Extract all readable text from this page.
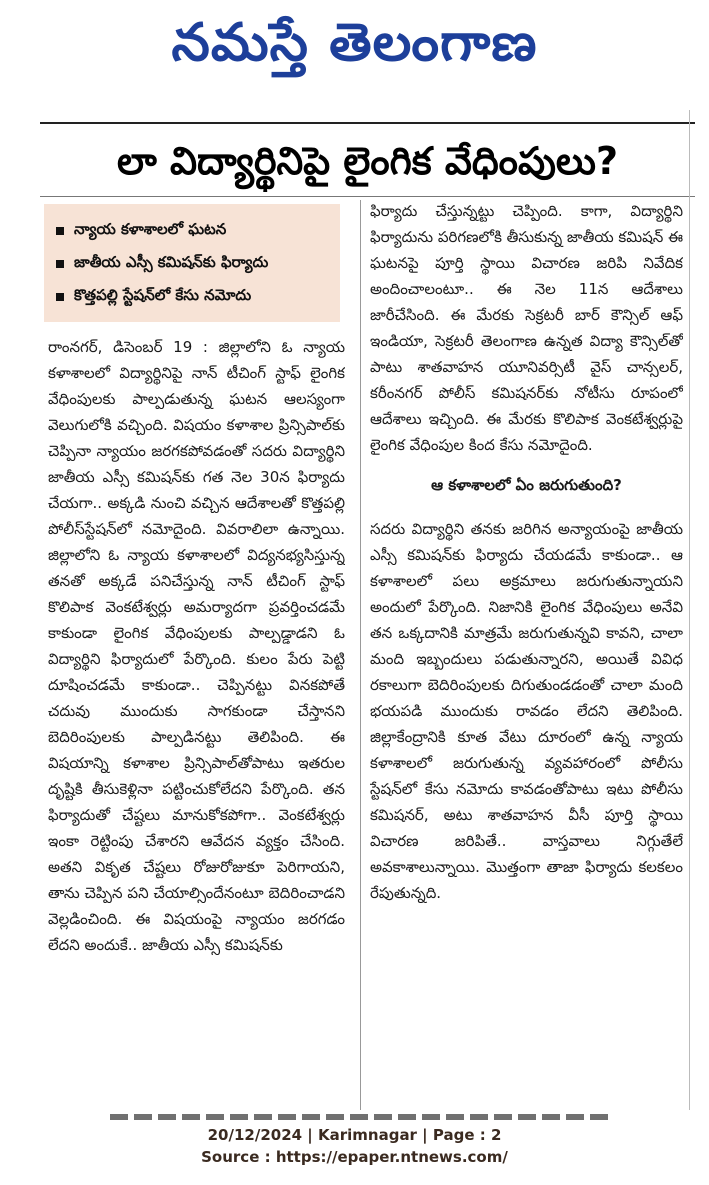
నమస్తే తెలంగాణ
లా విద్యార్థినిపై లైంగిక వేధింపులు?
న్యాయ కళాశాలలో ఘటన
జాతీయ ఎస్సీ కమిషన్‌కు ఫిర్యాదు
కొత్తపల్లి స్టేషన్‌లో కేసు నమోదు

రాంనగర్, డిసెంబర్ 19 : జిల్లాలోని ఓ న్యాయ కళాశాలలో విద్యార్థినిపై నాన్ టీచింగ్ స్టాఫ్ లైంగిక వేధింపులకు పాల్పడుతున్న ఘటన ఆలస్యంగా వెలుగులోకి వచ్చింది. విషయం కళాశాల ప్రిన్సిపాల్‌కు చెప్పినా న్యాయం జరగకపోవడంతో సదరు విద్యార్థిని జాతీయ ఎస్సీ కమిషన్‌కు గత నెల 30న ఫిర్యాదు చేయగా.. అక్కడి నుంచి వచ్చిన ఆదేశాలతో కొత్తపల్లి పోలీస్‌స్టేషన్‌లో నమోదైంది. వివరాలిలా ఉన్నాయి. జిల్లాలోని ఓ న్యాయ కళాశాలలో విద్యనభ్యసిస్తున్న తనతో అక్కడే పనిచేస్తున్న నాన్ టీచింగ్ స్టాఫ్ కొలిపాక వెంకటేశ్వర్లు అమర్యాదగా ప్రవర్తించడమే కాకుండా లైంగిక వేధింపులకు పాల్పడ్డాడని ఓ విద్యార్థిని ఫిర్యాదులో పేర్కొంది. కులం పేరు పెట్టి దూషించడమే కాకుండా.. చెప్పినట్టు వినకపోతే చదువు ముందుకు సాగకుండా చేస్తానని బెదిరింపులకు పాల్పడినట్టు తెలిపింది. ఈ విషయాన్ని కళాశాల ప్రిన్సిపాల్‌తోపాటు ఇతరుల దృష్టికి తీసుకెళ్లినా పట్టించుకోలేదని పేర్కొంది. తన ఫిర్యాదుతో చేష్టలు మానుకోకపోగా.. వెంకటేశ్వర్లు ఇంకా రెట్టింపు చేశారని ఆవేదన వ్యక్తం చేసింది. అతని వికృత చేష్టలు రోజురోజుకూ పెరిగాయని, తాను చెప్పిన పని చేయాల్సిందేనంటూ బెదిరించాడని వెల్లడించింది. ఈ విషయంపై న్యాయం జరగడం లేదని అందుకే.. జాతీయ ఎస్సీ కమిషన్‌కు

ఫిర్యాదు చేస్తున్నట్టు చెప్పింది. కాగా, విద్యార్థిని ఫిర్యాదును పరిగణలోకి తీసుకున్న జాతీయ కమిషన్ ఈ ఘటనపై పూర్తి స్థాయి విచారణ జరిపి నివేదిక అందించాలంటూ.. ఈ నెల 11న ఆదేశాలు జారీచేసింది. ఈ మేరకు సెక్రటరీ బార్ కౌన్సిల్ ఆఫ్ ఇండియా, సెక్రటరీ తెలంగాణ ఉన్నత విద్యా కౌన్సిల్‌తో పాటు శాతవాహన యూనివర్సిటీ వైస్ చాన్సలర్, కరీంనగర్ పోలీస్ కమిషనర్‌కు నోటీసు రూపంలో ఆదేశాలు ఇచ్చింది. ఈ మేరకు కొలిపాక వెంకటేశ్వర్లుపై లైంగిక వేధింపుల కింద కేసు నమోదైంది.

ఆ కళాశాలలో ఏం జరుగుతుంది?

సదరు విద్యార్థిని తనకు జరిగిన అన్యాయంపై జాతీయ ఎస్సీ కమిషన్‌కు ఫిర్యాదు చేయడమే కాకుండా.. ఆ కళాశాలలో పలు అక్రమాలు జరుగుతున్నాయని అందులో పేర్కొంది. నిజానికి లైంగిక వేధింపులు అనేవి తన ఒక్కదానికి మాత్రమే జరుగుతున్నవి కావని, చాలా మంది ఇబ్బందులు పడుతున్నారని, అయితే వివిధ రకాలుగా బెదిరింపులకు దిగుతుండడంతో చాలా మంది భయపడి ముందుకు రావడం లేదని తెలిపింది. జిల్లాకేంద్రానికి కూత వేటు దూరంలో ఉన్న న్యాయ కళాశాలలో జరుగుతున్న వ్యవహారంలో పోలీసు స్టేషన్‌లో కేసు నమోదు కావడంతోపాటు ఇటు పోలీసు కమిషనర్, అటు శాతవాహన వీసీ పూర్తి స్థాయి విచారణ జరిపితే.. వాస్తవాలు నిగ్గుతేలే అవకాశాలున్నాయి. మొత్తంగా తాజా ఫిర్యాదు కలకలం రేపుతున్నది.

20/12/2024 | Karimnagar | Page : 2
Source : https://epaper.ntnews.com/
